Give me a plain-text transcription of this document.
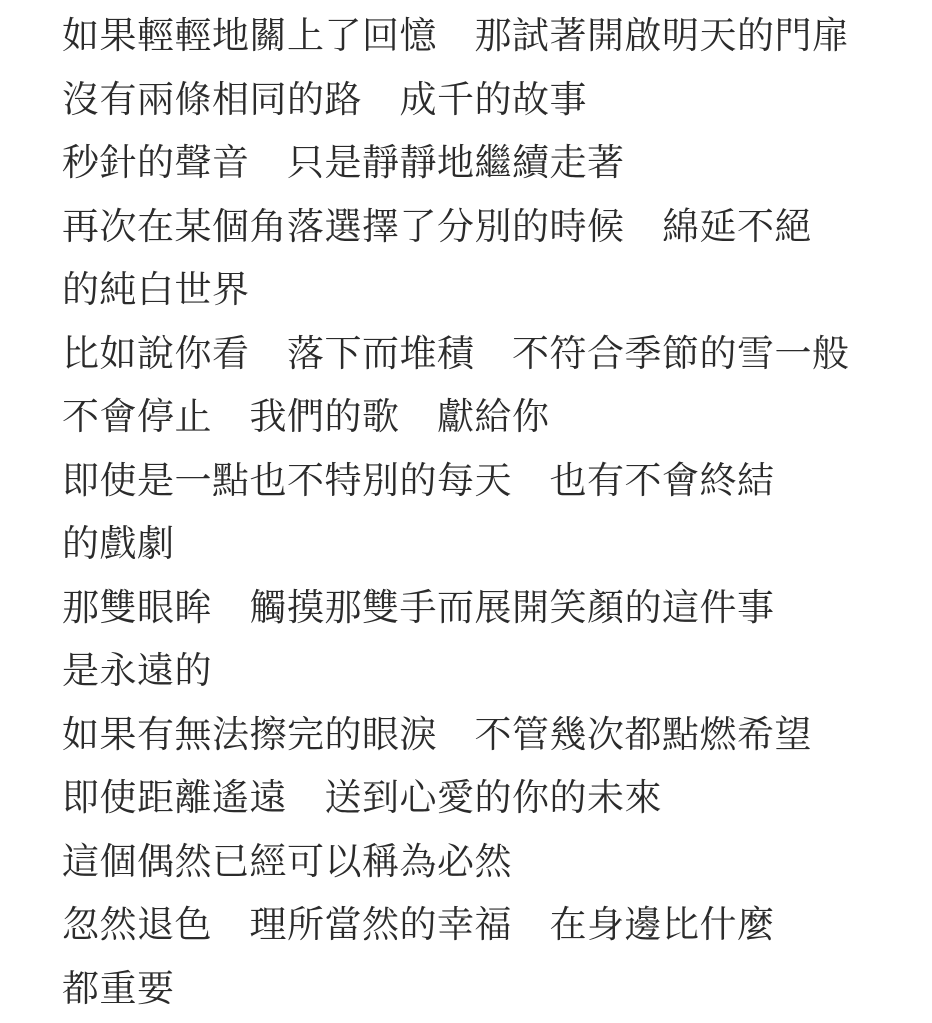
如果輕輕地關上了回憶　那試著開啟明天的門扉
沒有兩條相同的路　成千的故事
秒針的聲音　只是靜靜地繼續走著
再次在某個角落選擇了分別的時候　綿延不絕
的純白世界
比如說你看　落下而堆積　不符合季節的雪一般
不會停止　我們的歌　獻給你
即使是一點也不特別的每天　也有不會終結
的戲劇
那雙眼眸　觸摸那雙手而展開笑顏的這件事
是永遠的
如果有無法擦完的眼淚　不管幾次都點燃希望
即使距離遙遠　送到心愛的你的未來
這個偶然已經可以稱為必然
忽然退色　理所當然的幸福　在身邊比什麼
都重要
